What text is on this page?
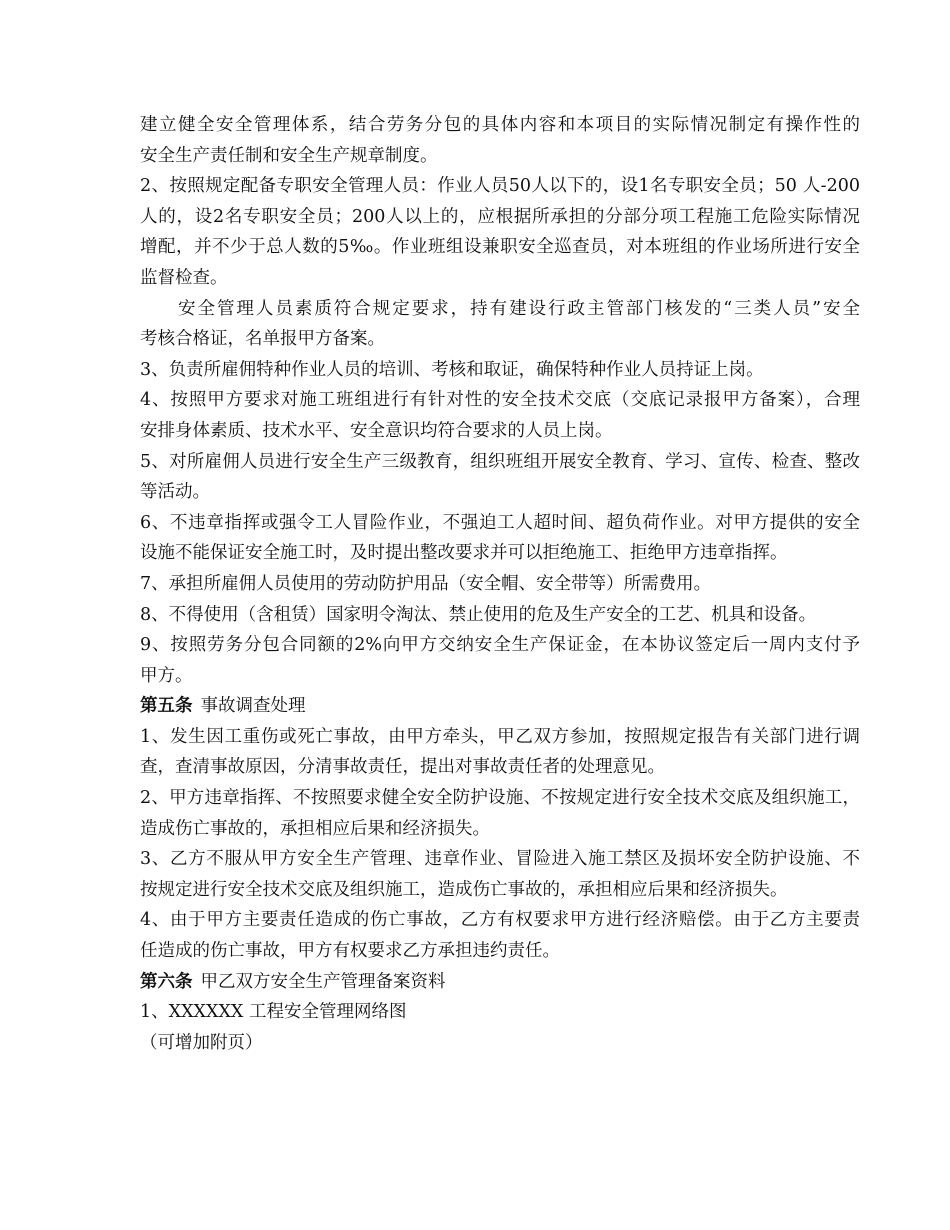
建立健全安全管理体系，结合劳务分包的具体内容和本项目的实际情况制定有操作性的
安全生产责任制和安全生产规章制度。
2、按照规定配备专职安全管理人员：作业人员50人以下的，设1名专职安全员；50 人-200
人的，设2名专职安全员；200人以上的，应根据所承担的分部分项工程施工危险实际情况
增配，并不少于总人数的5‰。作业班组设兼职安全巡查员，对本班组的作业场所进行安全
监督检查。
安全管理人员素质符合规定要求，持有建设行政主管部门核发的“三类人员”安全
考核合格证，名单报甲方备案。
3、负责所雇佣特种作业人员的培训、考核和取证，确保特种作业人员持证上岗。
4、按照甲方要求对施工班组进行有针对性的安全技术交底（交底记录报甲方备案），合理
安排身体素质、技术水平、安全意识均符合要求的人员上岗。
5、对所雇佣人员进行安全生产三级教育，组织班组开展安全教育、学习、宣传、检查、整改
等活动。
6、不违章指挥或强令工人冒险作业，不强迫工人超时间、超负荷作业。对甲方提供的安全
设施不能保证安全施工时，及时提出整改要求并可以拒绝施工、拒绝甲方违章指挥。
7、承担所雇佣人员使用的劳动防护用品（安全帽、安全带等）所需费用。
8、不得使用（含租赁）国家明令淘汰、禁止使用的危及生产安全的工艺、机具和设备。
9、按照劳务分包合同额的2%向甲方交纳安全生产保证金，在本协议签定后一周内支付予
甲方。
第五条 事故调查处理
1、发生因工重伤或死亡事故，由甲方牵头，甲乙双方参加，按照规定报告有关部门进行调
查，查清事故原因，分清事故责任，提出对事故责任者的处理意见。
2、甲方违章指挥、不按照要求健全安全防护设施、不按规定进行安全技术交底及组织施工，
造成伤亡事故的，承担相应后果和经济损失。
3、乙方不服从甲方安全生产管理、违章作业、冒险进入施工禁区及损坏安全防护设施、不
按规定进行安全技术交底及组织施工，造成伤亡事故的，承担相应后果和经济损失。
4、由于甲方主要责任造成的伤亡事故，乙方有权要求甲方进行经济赔偿。由于乙方主要责
任造成的伤亡事故，甲方有权要求乙方承担违约责任。
第六条 甲乙双方安全生产管理备案资料
1、XXXXXX 工程安全管理网络图
（可增加附页）
